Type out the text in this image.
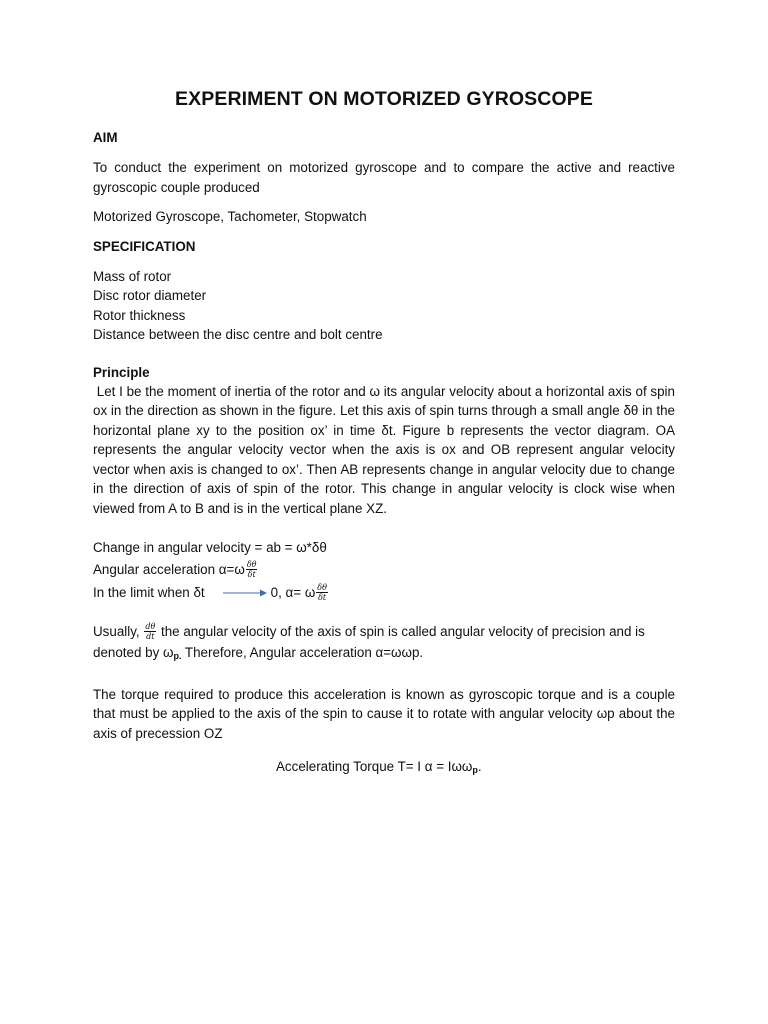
EXPERIMENT ON MOTORIZED GYROSCOPE
AIM

To conduct the experiment on motorized gyroscope and to compare the active and reactive gyroscopic couple produced

Motorized Gyroscope, Tachometer, Stopwatch

SPECIFICATION

Mass of rotor

Disc rotor diameter

Rotor thickness

Distance between the disc centre and bolt centre

Principle

Let I be the moment of inertia of the rotor and ω its angular velocity about a horizontal axis of spin ox in the direction as shown in the figure. Let this axis of spin turns through a small angle δθ in the horizontal plane xy to the position ox’ in time δt. Figure b represents the vector diagram. OA represents the angular velocity vector when the axis is ox and OB represent angular velocity vector when axis is changed to ox’. Then AB represents change in angular velocity due to change in the direction of axis of spin of the rotor. This change in angular velocity is clock wise when viewed from A to B and is in the vertical plane XZ.

Change in angular velocity = ab = ω*δθ

Angular acceleration $\alpha=\omega \frac{\delta\theta}{\delta t}$

In the limit when δt	0, α= ω $\frac{\delta\theta}{\delta t}$

Usually, $\frac{d\theta}{dt}$ the angular velocity of the axis of spin is called angular velocity of precision and is

denoted by $\omega_{p.}$ Therefore, Angular acceleration α=ωωp.

The torque required to produce this acceleration is known as gyroscopic torque and is a couple that must be applied to the axis of the spin to cause it to rotate with angular velocity ωp about the axis of precession OZ

Accelerating Torque T= I α = Iωω$_p$.
